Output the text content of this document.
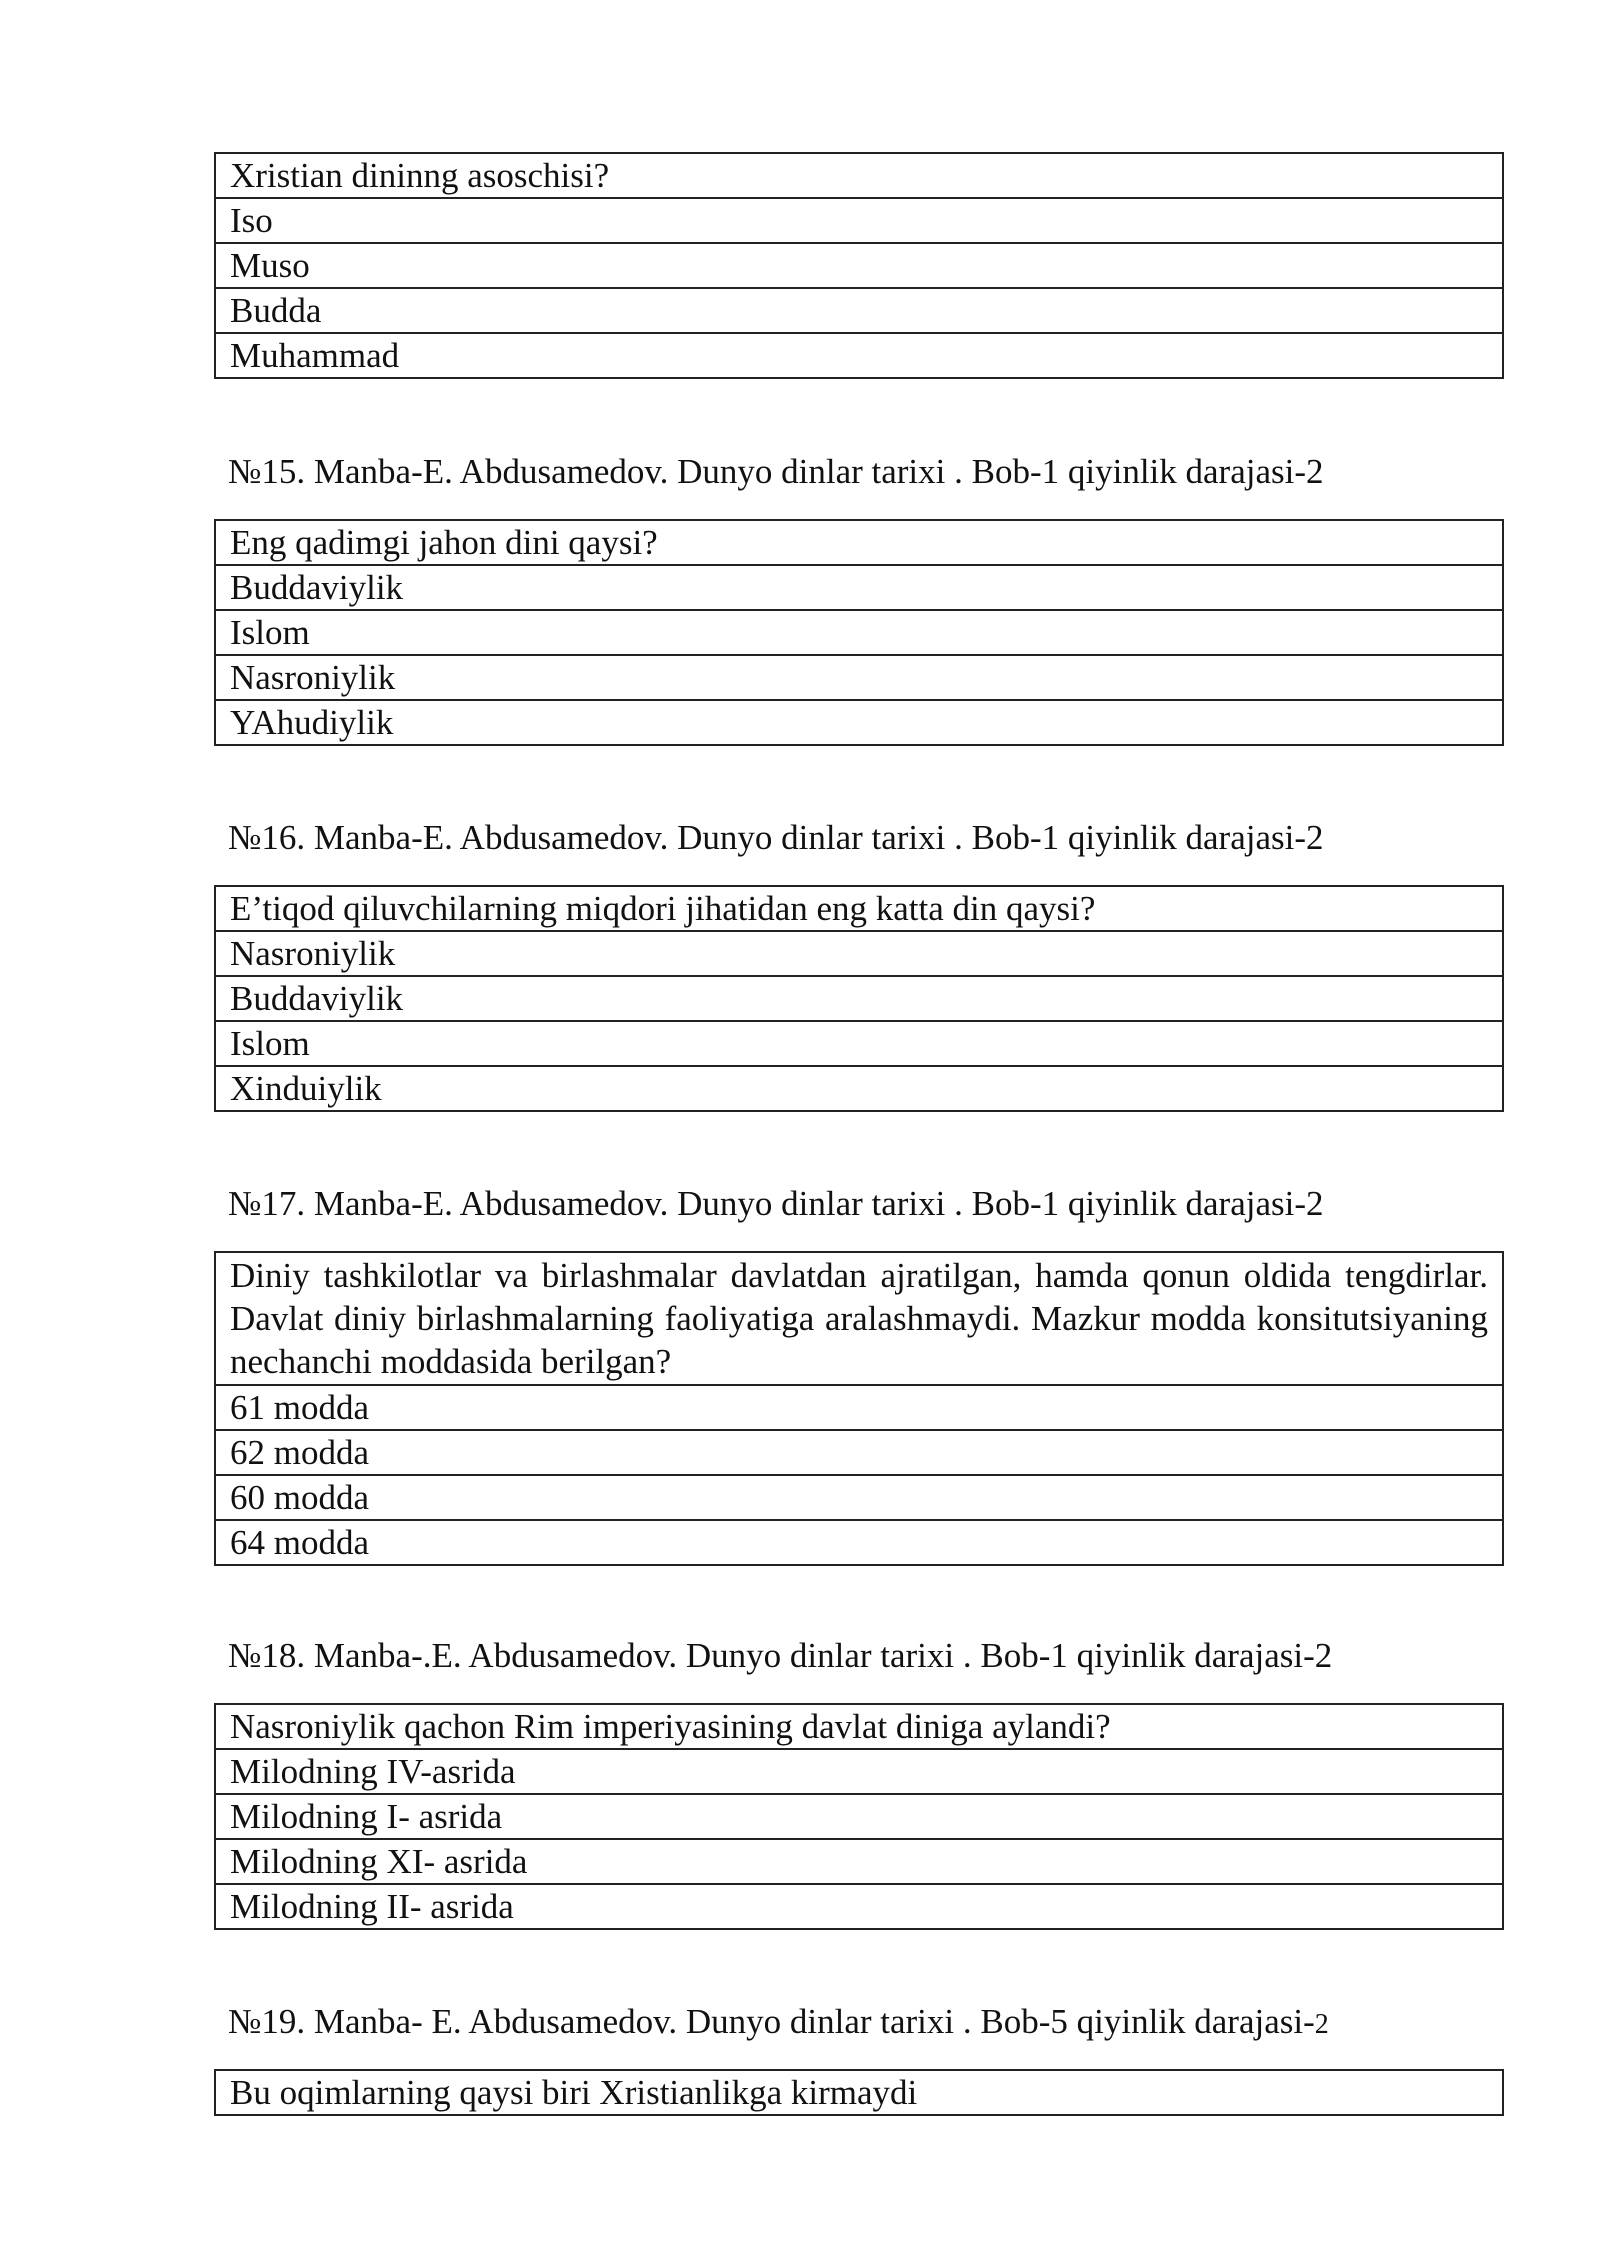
Xristian dininng asoschisi?
Iso
Muso
Budda
Muhammad
№15. Manba-E. Abdusamedov. Dunyo dinlar tarixi . Bob-1 qiyinlik darajasi-2
Eng qadimgi jahon dini qaysi?
Buddaviylik
Islom
Nasroniylik
YAhudiylik
№16. Manba-E. Abdusamedov. Dunyo dinlar tarixi . Bob-1 qiyinlik darajasi-2
E’tiqod qiluvchilarning miqdori jihatidan eng katta din qaysi?
Nasroniylik
Buddaviylik
Islom
Xinduiylik
№17. Manba-E. Abdusamedov. Dunyo dinlar tarixi . Bob-1 qiyinlik darajasi-2
Diniy tashkilotlar va birlashmalar davlatdan ajratilgan, hamda qonun oldida tengdirlar. Davlat diniy birlashmalarning faoliyatiga aralashmaydi. Mazkur modda konsitutsiyaning nechanchi moddasida berilgan?
61 modda
62 modda
60 modda
64 modda
№18. Manba-.E. Abdusamedov. Dunyo dinlar tarixi . Bob-1 qiyinlik darajasi-2
Nasroniylik qachon Rim imperiyasining davlat diniga aylandi?
Milodning IV-asrida
Milodning I- asrida
Milodning XI- asrida
Milodning II- asrida
№19. Manba- E. Abdusamedov. Dunyo dinlar tarixi . Bob-5 qiyinlik darajasi-2
Bu oqimlarning qaysi biri Xristianlikga kirmaydi
